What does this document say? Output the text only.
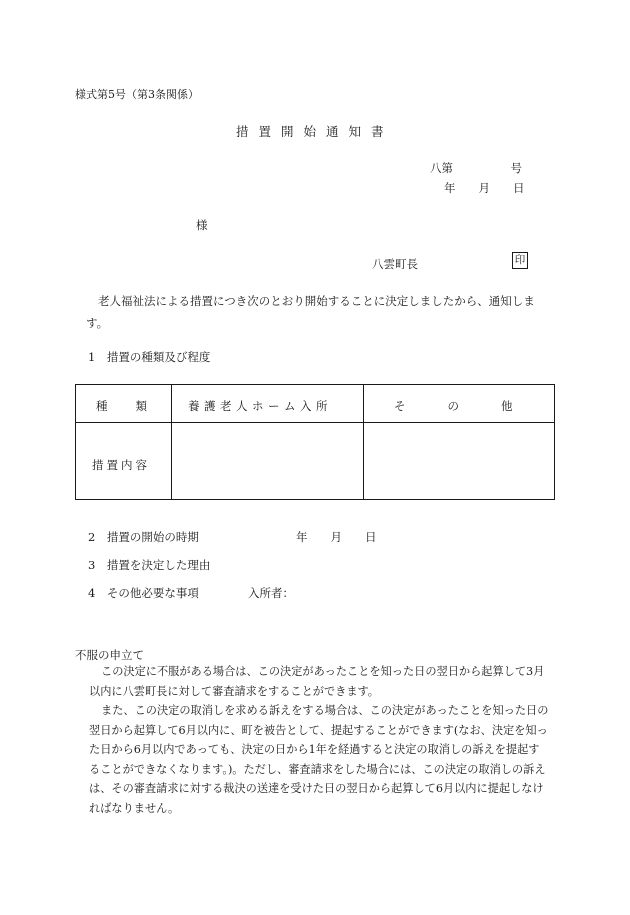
様式第5号（第3条関係）
措置開始通知書
八第　　　　　号
年　　月　　日
様
八雲町長	印
老人福祉法による措置につき次のとおり開始することに決定しましたから、通知します。
1　措置の種類及び程度
種類 養護老人ホーム入所	その他
措置内容
2　措置の開始の時期	年　　月　　日
3　措置を決定した理由
4　その他必要な事項	入所者：
不服の申立て
この決定に不服がある場合は、この決定があったことを知った日の翌日から起算して3月以内に八雲町長に対して審査請求をすることができます。
また、この決定の取消しを求める訴えをする場合は、この決定があったことを知った日の翌日から起算して6月以内に、町を被告として、提起することができます(なお、決定を知った日から6月以内であっても、決定の日から1年を経過すると決定の取消しの訴えを提起することができなくなります。)。ただし、審査請求をした場合には、この決定の取消しの訴えは、その審査請求に対する裁決の送達を受けた日の翌日から起算して6月以内に提起しなければなりません。
